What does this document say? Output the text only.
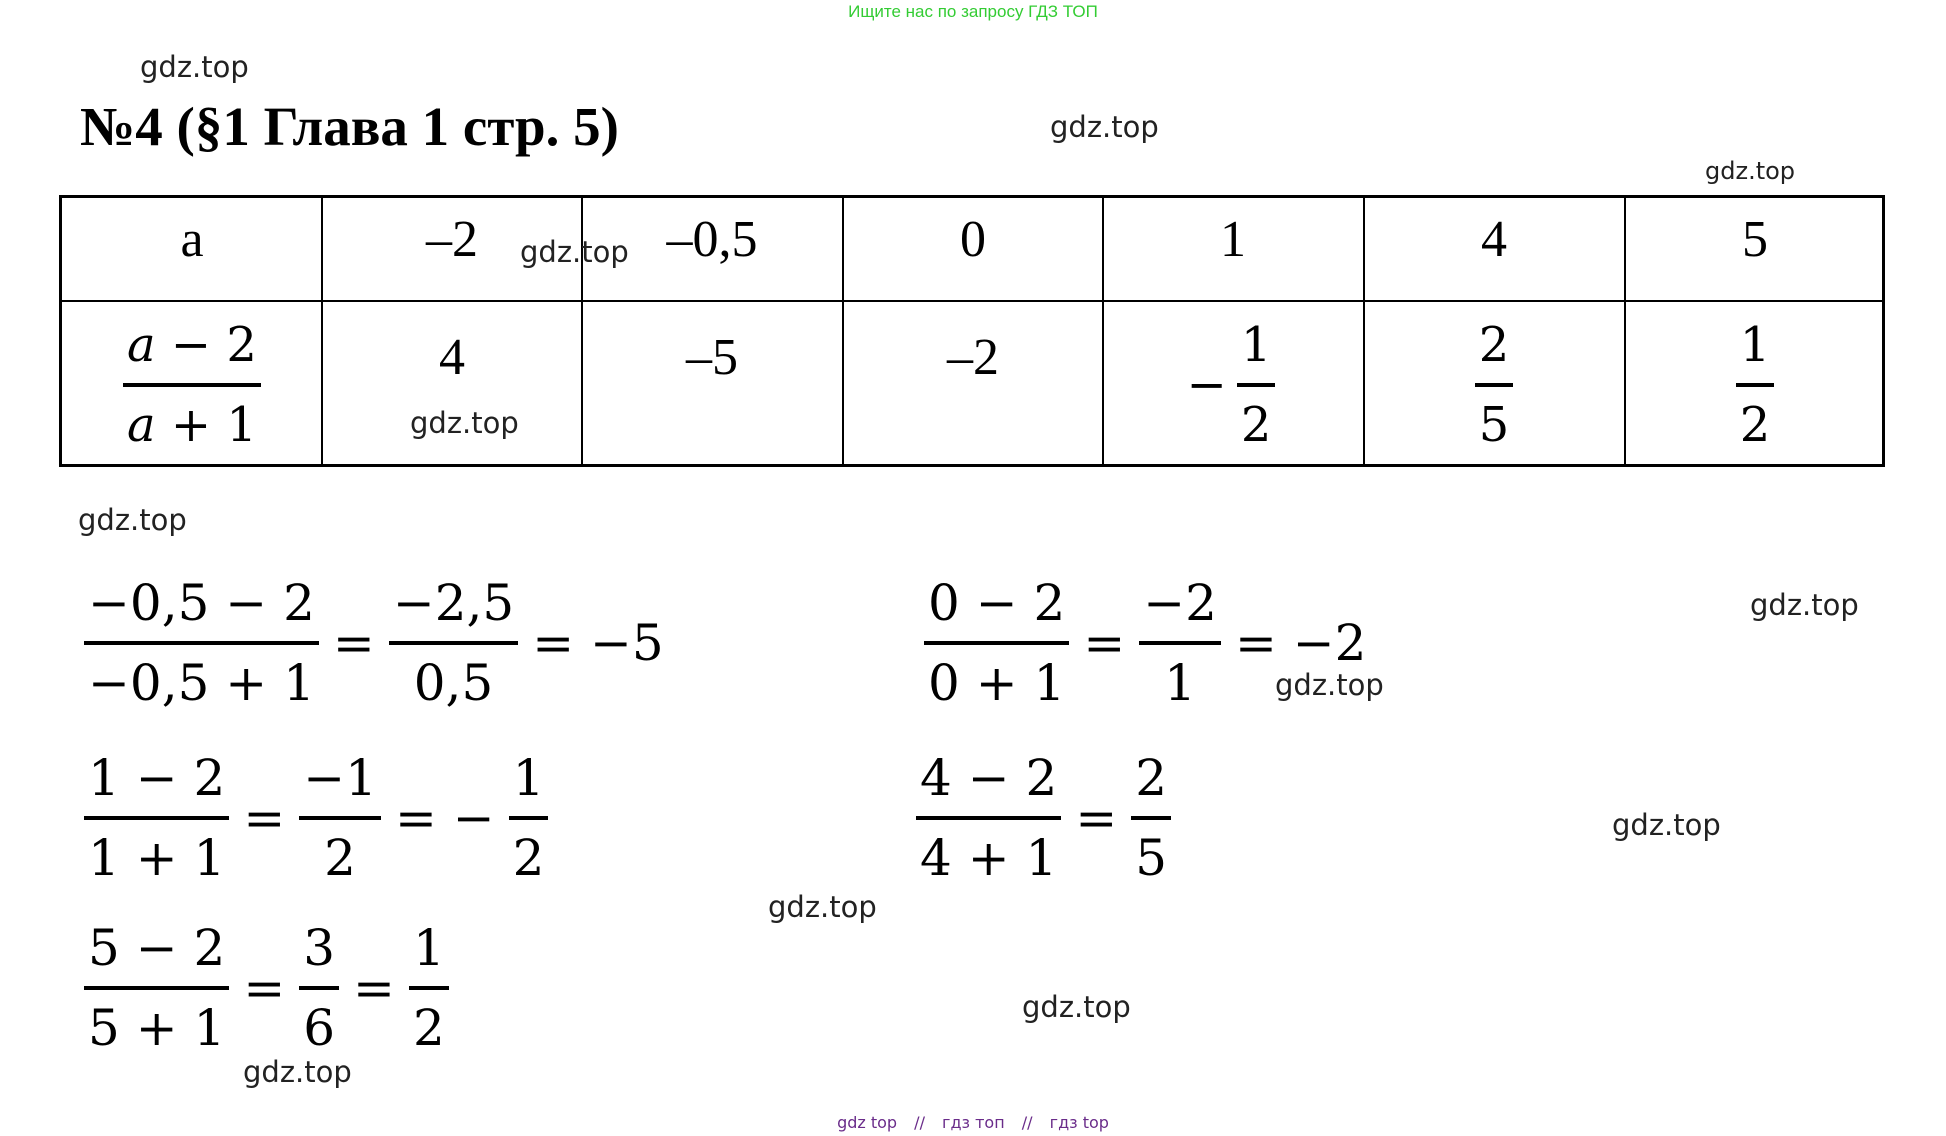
Ищите нас по запросу ГДЗ ТОП
gdz.top
gdz.top
gdz.top
gdz.top
gdz.top
gdz.top
gdz.top
gdz.top
gdz.top
gdz.top
gdz.top
gdz.top
№4 (§1 Глава 1 стр. 5)
a	–2	–0,5	0	1	4	5
$\frac{a - 2}{a + 1}$	4	–5	–2	− $\frac{1}{2}$	$\frac{2}{5}$	$\frac{1}{2}$
$\frac{-0,5 - 2}{-0,5 + 1} = \frac{-2,5}{0,5} = -5$	$\frac{0 - 2}{0 + 1} = \frac{-2}{1} = -2$
$\frac{1 - 2}{1 + 1} = \frac{-1}{2}$ = − $\frac{1}{2}$	$\frac{4 - 2}{4 + 1} = \frac{2}{5}$
$\frac{5 - 2}{5 + 1} = \frac{3}{6} = \frac{1}{2}$
gdz top // гдз топ // гдз top
